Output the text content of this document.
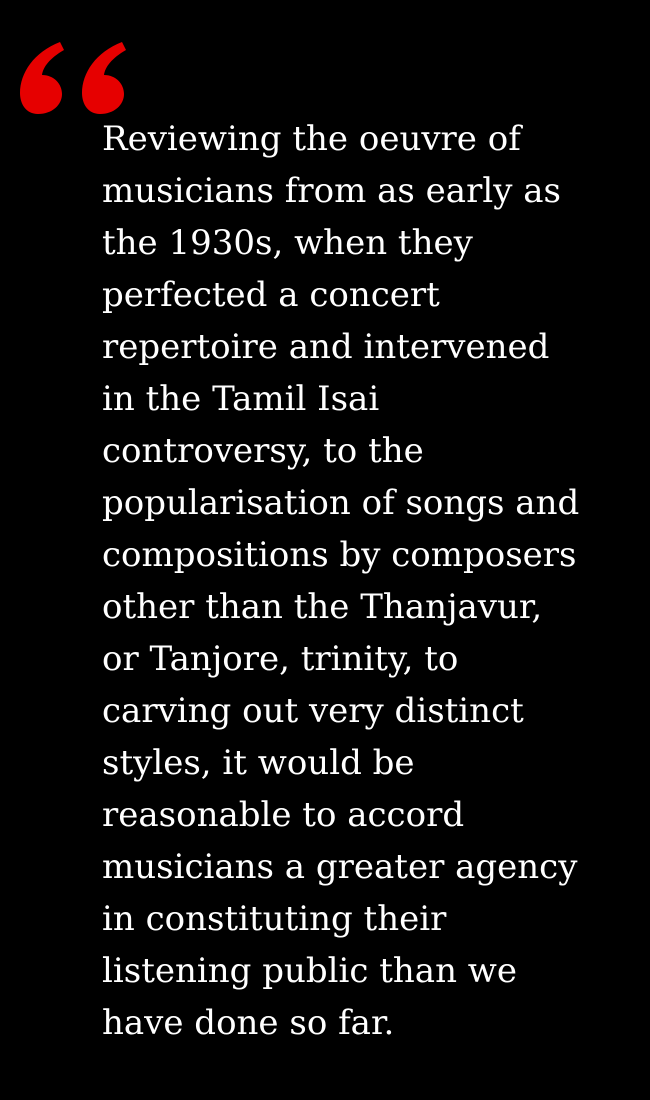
Reviewing the oeuvre of
musicians from as early as
the 1930s, when they
perfected a concert
repertoire and intervened
in the Tamil Isai
controversy, to the
popularisation of songs and
compositions by composers
other than the Thanjavur,
or Tanjore, trinity, to
carving out very distinct
styles, it would be
reasonable to accord
musicians a greater agency
in constituting their
listening public than we
have done so far.
